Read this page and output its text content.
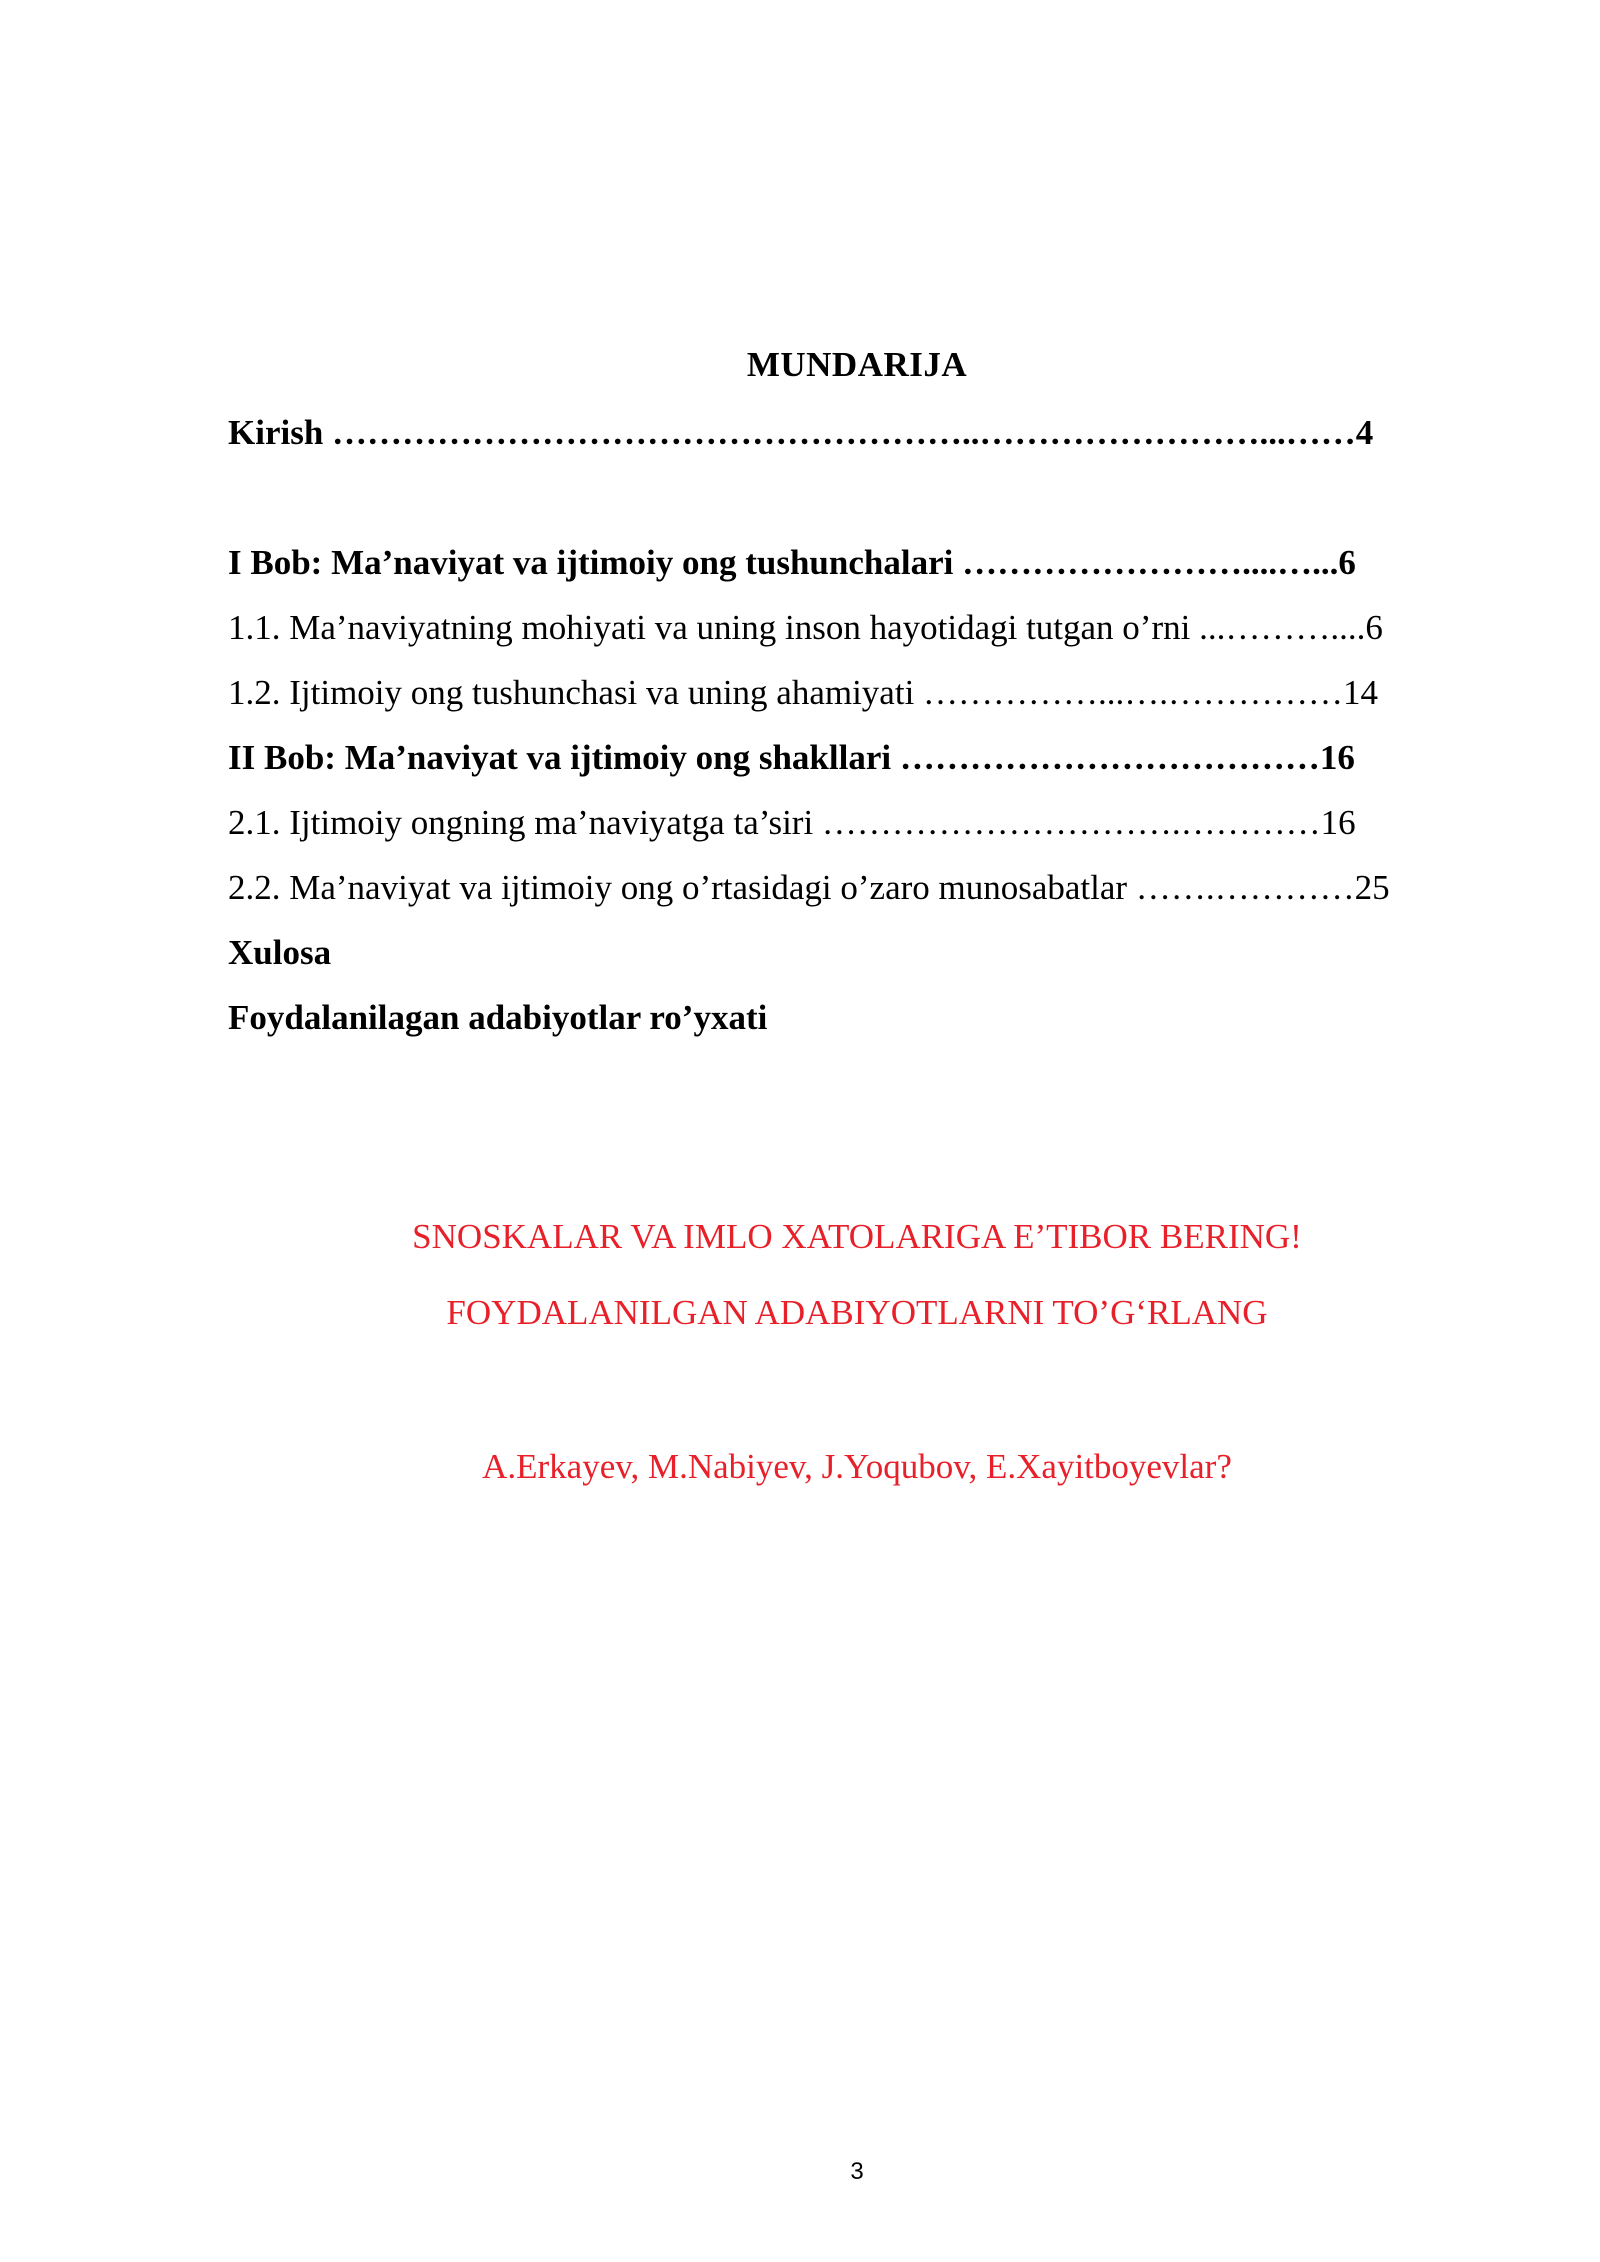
MUNDARIJA
Kirish ………………………………………………..……………………...……4
I Bob: Ma’naviyat va ijtimoiy ong tushunchalari ……………………....…...6
1.1. Ma’naviyatning mohiyati va uning inson hayotidagi tutgan o’rni ...………....6
1.2. Ijtimoiy ong tushunchasi va uning ahamiyati ……………...….……………14
II Bob: Ma’naviyat va ijtimoiy ong shakllari ………………………………16
2.1. Ijtimoiy ongning ma’naviyatga ta’siri ………………………….…………16
2.2. Ma’naviyat va ijtimoiy ong o’rtasidagi o’zaro munosabatlar …….…………25
Xulosa
Foydalanilagan adabiyotlar ro’yxati
SNOSKALAR VA IMLO XATOLARIGA E’TIBOR BERING!
FOYDALANILGAN ADABIYOTLARNI TO’G‘RLANG
A.Erkayev, M.Nabiyev, J.Yoqubov, E.Xayitboyevlar?
3
